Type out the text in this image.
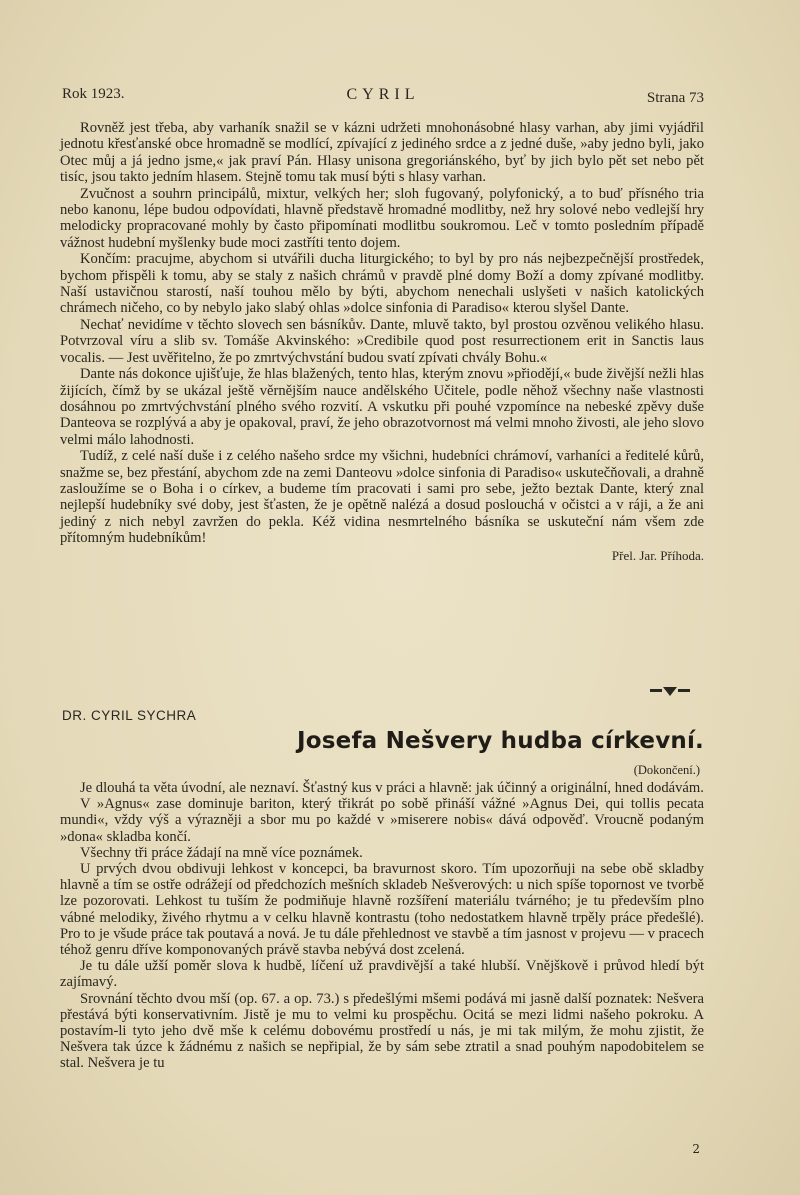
Rok 1923.	CYRIL	Strana 73

Rovněž jest třeba, aby varhaník snažil se v kázni udržeti mnohonásobné hlasy varhan, aby jimi vyjádřil jednotu křesťanské obce hromadně se modlící, zpívající z jediného srdce a z jedné duše, »aby jedno byli, jako Otec můj a já jedno jsme,« jak praví Pán. Hlasy unisona gregoriánského, byť by jich bylo pět set nebo pět tisíc, jsou takto jedním hlasem. Stejně tomu tak musí býti s hlasy varhan.

Zvučnost a souhrn principálů, mixtur, velkých her; sloh fugovaný, polyfonický, a to buď přísného tria nebo kanonu, lépe budou odpovídati, hlavně představě hromadné modlitby, než hry solové nebo vedlejší hry melodicky propracované mohly by často připomínati modlitbu soukromou. Leč v tomto posledním případě vážnost hudební myšlenky bude moci zastříti tento dojem.

Končím: pracujme, abychom si utvářili ducha liturgického; to byl by pro nás nejbezpečnější prostředek, bychom přispěli k tomu, aby se staly z našich chrámů v pravdě plné domy Boží a domy zpívané modlitby. Naší ustavičnou starostí, naší touhou mělo by býti, abychom nenechali uslyšeti v našich katolických chrámech ničeho, co by nebylo jako slabý ohlas »dolce sinfonia di Paradiso« kterou slyšel Dante.

Nechať nevidíme v těchto slovech sen básníkův. Dante, mluvě takto, byl prostou ozvěnou velikého hlasu. Potvrzoval víru a slib sv. Tomáše Akvinského: »Credibile quod post resurrectionem erit in Sanctis laus vocalis. — Jest uvěřitelno, že po zmrtvýchvstání budou svatí zpívati chvály Bohu.«

Dante nás dokonce ujišťuje, že hlas blažených, tento hlas, kterým znovu »přiodějí,« bude živější nežli hlas žijících, čímž by se ukázal ještě věrnějším nauce andělského Učitele, podle něhož všechny naše vlastnosti dosáhnou po zmrtvýchvstání plného svého rozvití. A vskutku při pouhé vzpomínce na nebeské zpěvy duše Danteova se rozplývá a aby je opakoval, praví, že jeho obrazotvornost má velmi mnoho živosti, ale jeho slovo velmi málo lahodnosti.

Tudíž, z celé naší duše i z celého našeho srdce my všichni, hudebníci chrámoví, varhaníci a ředitelé kůrů, snažme se, bez přestání, abychom zde na zemi Danteovu »dolce sinfonia di Paradiso« uskutečňovali, a drahně zasloužíme se o Boha i o církev, a budeme tím pracovati i sami pro sebe, ježto beztak Dante, který znal nejlepší hudebníky své doby, jest šťasten, že je opětně nalézá a dosud poslouchá v očistci a v ráji, a že ani jediný z nich nebyl zavržen do pekla. Kéž vidina nesmrtelného básníka se uskuteční nám všem zde přítomným hudebníkům!

Přel. Jar. Příhoda.
DR. CYRIL SYCHRA
Josefa Nešvery hudba církevní.
(Dokončení.)

Je dlouhá ta věta úvodní, ale neznaví. Šťastný kus v práci a hlavně: jak účinný a originální, hned dodávám.

V »Agnus« zase dominuje bariton, který třikrát po sobě přináší vážné »Agnus Dei, qui tollis pecata mundi«, vždy výš a výrazněji a sbor mu po každé v »miserere nobis« dává odpověď. Vroucně podaným »dona« skladba končí.

Všechny tři práce žádají na mně více poznámek.

U prvých dvou obdivuji lehkost v koncepci, ba bravurnost skoro. Tím upozorňuji na sebe obě skladby hlavně a tím se ostře odrážejí od předchozích mešních skladeb Nešverových: u nich spíše topornost ve tvorbě lze pozorovati. Lehkost tu tuším že podmiňuje hlavně rozšíření materiálu tvárného; je tu především plno vábné melodiky, živého rhytmu a v celku hlavně kontrastu (toho nedostatkem hlavně trpěly práce předešlé). Pro to je všude práce tak poutavá a nová. Je tu dále přehlednost ve stavbě a tím jasnost v projevu — v pracech téhož genru dříve komponovaných právě stavba nebývá dost zcelená.

Je tu dále užší poměr slova k hudbě, líčení už pravdivější a také hlubší. Vnějškově i průvod hledí být zajímavý.

Srovnání těchto dvou mší (op. 67. a op. 73.) s předešlými mšemi podává mi jasně další poznatek: Nešvera přestává býti konservativním. Jistě je mu to velmi ku prospěchu. Ocitá se mezi lidmi našeho pokroku. A postavím-li tyto jeho dvě mše k celému dobovému prostředí u nás, je mi tak milým, že mohu zjistit, že Nešvera tak úzce k žádnému z našich se nepřipial, že by sám sebe ztratil a snad pouhým napodobitelem se stal. Nešvera je tu

2
